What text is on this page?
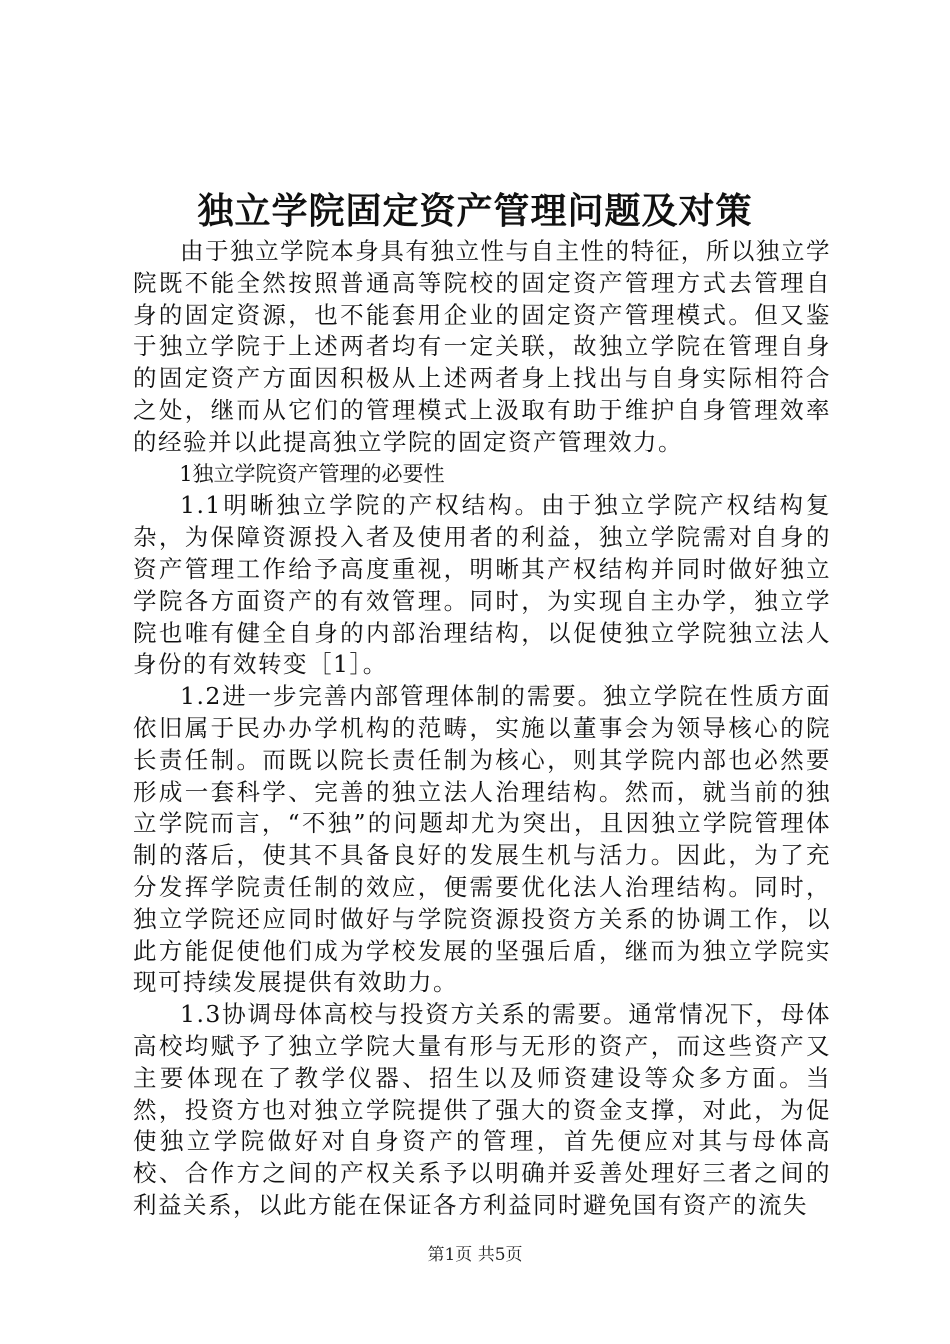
独立学院固定资产管理问题及对策

由于独立学院本身具有独立性与自主性的特征，所以独立学院既不能全然按照普通高等院校的固定资产管理方式去管理自身的固定资源，也不能套用企业的固定资产管理模式。但又鉴于独立学院于上述两者均有一定关联，故独立学院在管理自身的固定资产方面因积极从上述两者身上找出与自身实际相符合之处，继而从它们的管理模式上汲取有助于维护自身管理效率的经验并以此提高独立学院的固定资产管理效力。

1独立学院资产管理的必要性

1.1明晰独立学院的产权结构。由于独立学院产权结构复杂，为保障资源投入者及使用者的利益，独立学院需对自身的资产管理工作给予高度重视，明晰其产权结构并同时做好独立学院各方面资产的有效管理。同时，为实现自主办学，独立学院也唯有健全自身的内部治理结构，以促使独立学院独立法人身份的有效转变［1］。

1.2进一步完善内部管理体制的需要。独立学院在性质方面依旧属于民办办学机构的范畴，实施以董事会为领导核心的院长责任制。而既以院长责任制为核心，则其学院内部也必然要形成一套科学、完善的独立法人治理结构。然而，就当前的独立学院而言，“不独”的问题却尤为突出，且因独立学院管理体制的落后，使其不具备良好的发展生机与活力。因此，为了充分发挥学院责任制的效应，便需要优化法人治理结构。同时，独立学院还应同时做好与学院资源投资方关系的协调工作，以此方能促使他们成为学校发展的坚强后盾，继而为独立学院实现可持续发展提供有效助力。

1.3协调母体高校与投资方关系的需要。通常情况下，母体高校均赋予了独立学院大量有形与无形的资产，而这些资产又主要体现在了教学仪器、招生以及师资建设等众多方面。当然，投资方也对独立学院提供了强大的资金支撑，对此，为促使独立学院做好对自身资产的管理，首先便应对其与母体高校、合作方之间的产权关系予以明确并妥善处理好三者之间的利益关系，以此方能在保证各方利益同时避免国有资产的流失

第1页 共5页
